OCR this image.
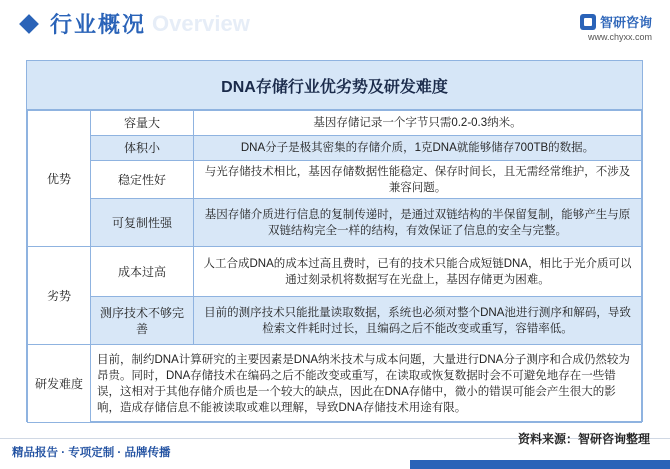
行业概况 Overview	智研咨询
www.chyxx.com
DNA存储行业优劣势及研发难度
优势	容量大	基因存储记录一个字节只需0.2-0.3纳米。
	体积小	DNA分子是极其密集的存储介质，1克DNA就能够储存700TB的数据。
	稳定性好	与光存储技术相比，基因存储数据性能稳定、保存时间长，且无需经常维护，不涉及兼容问题。
	可复制性强	基因存储介质进行信息的复制传递时，是通过双链结构的半保留复制，能够产生与原双链结构完全一样的结构，有效保证了信息的安全与完整。
劣势	成本过高	人工合成DNA的成本过高且费时，已有的技术只能合成短链DNA，相比于光介质可以通过刻录机将数据写在光盘上，基因存储更为困难。
	测序技术不够完善	目前的测序技术只能批量读取数据，系统也必须对整个DNA池进行测序和解码，导致检索文件耗时过长，且编码之后不能改变或重写，容错率低。
研发难度	目前，制约DNA计算研究的主要因素是DNA纳米技术与成本问题，大量进行DNA分子测序和合成仍然较为昂贵。同时，DNA存储技术在编码之后不能改变或重写，在读取或恢复数据时会不可避免地存在一些错误，这相对于其他存储介质也是一个较大的缺点，因此在DNA存储中，微小的错误可能会产生很大的影响，造成存储信息不能被读取或难以理解，导致DNA存储技术用途有限。	
精品报告 · 专项定制 · 品牌传播
资料来源：智研咨询整理
